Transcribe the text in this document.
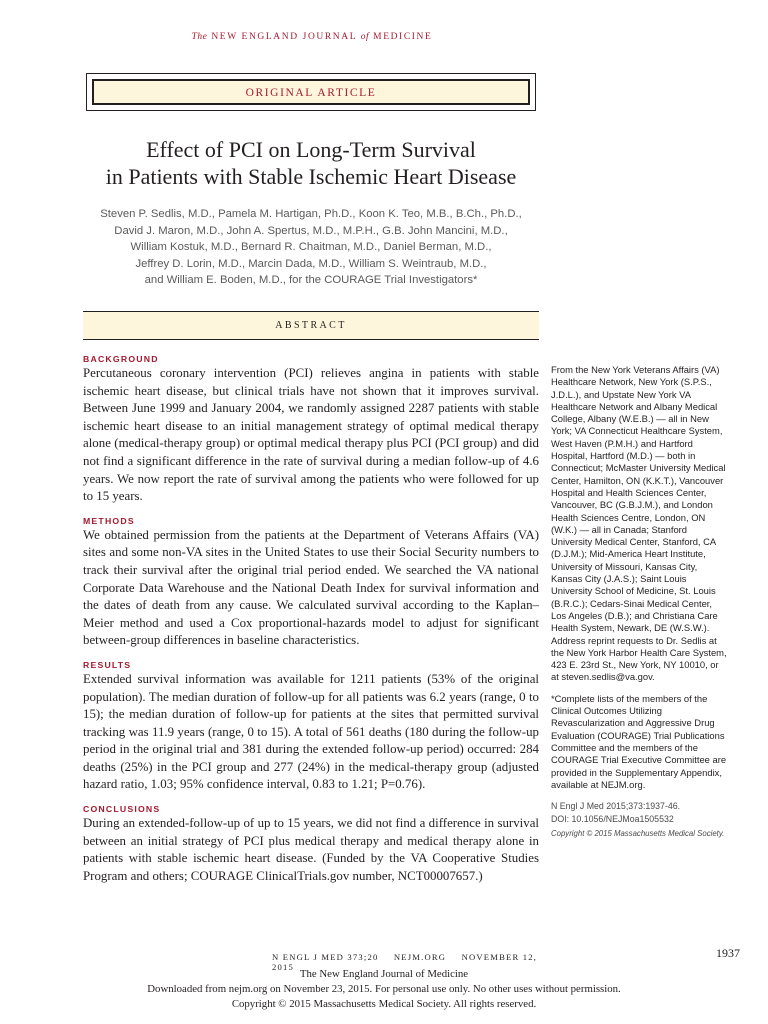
The NEW ENGLAND JOURNAL of MEDICINE
ORIGINAL ARTICLE
Effect of PCI on Long-Term Survival
in Patients with Stable Ischemic Heart Disease
Steven P. Sedlis, M.D., Pamela M. Hartigan, Ph.D., Koon K. Teo, M.B., B.Ch., Ph.D.,
David J. Maron, M.D., John A. Spertus, M.D., M.P.H., G.B. John Mancini, M.D.,
William Kostuk, M.D., Bernard R. Chaitman, M.D., Daniel Berman, M.D.,
Jeffrey D. Lorin, M.D., Marcin Dada, M.D., William S. Weintraub, M.D.,
and William E. Boden, M.D., for the COURAGE Trial Investigators*
ABSTRACT
BACKGROUND

Percutaneous coronary intervention (PCI) relieves angina in patients with stable ischemic heart disease, but clinical trials have not shown that it improves survival. Between June 1999 and January 2004, we randomly assigned 2287 patients with stable ischemic heart disease to an initial management strategy of optimal medical therapy alone (medical-therapy group) or optimal medical therapy plus PCI (PCI group) and did not find a significant difference in the rate of survival during a median follow-up of 4.6 years. We now report the rate of survival among the patients who were followed for up to 15 years.

METHODS

We obtained permission from the patients at the Department of Veterans Affairs (VA) sites and some non-VA sites in the United States to use their Social Security numbers to track their survival after the original trial period ended. We searched the VA national Corporate Data Warehouse and the National Death Index for survival information and the dates of death from any cause. We calculated survival according to the Kaplan–Meier method and used a Cox proportional-hazards model to adjust for significant between-group differences in baseline characteristics.

RESULTS

Extended survival information was available for 1211 patients (53% of the original population). The median duration of follow-up for all patients was 6.2 years (range, 0 to 15); the median duration of follow-up for patients at the sites that permitted survival tracking was 11.9 years (range, 0 to 15). A total of 561 deaths (180 during the follow-up period in the original trial and 381 during the extended follow-up period) occurred: 284 deaths (25%) in the PCI group and 277 (24%) in the medical-therapy group (adjusted hazard ratio, 1.03; 95% confidence interval, 0.83 to 1.21; P=0.76).

CONCLUSIONS

During an extended-follow-up of up to 15 years, we did not find a difference in survival between an initial strategy of PCI plus medical therapy and medical therapy alone in patients with stable ischemic heart disease. (Funded by the VA Cooperative Studies Program and others; COURAGE ClinicalTrials.gov number, NCT00007657.)

From the New York Veterans Affairs (VA) Healthcare Network, New York (S.P.S., J.D.L.), and Upstate New York VA Healthcare Network and Albany Medical College, Albany (W.E.B.) — all in New York; VA Connecticut Healthcare System, West Haven (P.M.H.) and Hartford Hospital, Hartford (M.D.) — both in Connecticut; McMaster University Medical Center, Hamilton, ON (K.K.T.), Vancouver Hospital and Health Sciences Center, Vancouver, BC (G.B.J.M.), and London Health Sciences Centre, London, ON (W.K.) — all in Canada; Stanford University Medical Center, Stanford, CA (D.J.M.); Mid-America Heart Institute, University of Missouri, Kansas City, Kansas City (J.A.S.); Saint Louis University School of Medicine, St. Louis (B.R.C.); Cedars-Sinai Medical Center, Los Angeles (D.B.); and Christiana Care Health System, Newark, DE (W.S.W.). Address reprint requests to Dr. Sedlis at the New York Harbor Health Care System, 423 E. 23rd St., New York, NY 10010, or at steven.sedlis@va.gov.

*Complete lists of the members of the Clinical Outcomes Utilizing Revascularization and Aggressive Drug Evaluation (COURAGE) Trial Publications Committee and the members of the COURAGE Trial Executive Committee are provided in the Supplementary Appendix, available at NEJM.org.

N Engl J Med 2015;373:1937-46.
DOI: 10.1056/NEJMoa1505532
Copyright © 2015 Massachusetts Medical Society.

N ENGL J MED 373;20 NEJM.ORG NOVEMBER 12, 2015
1937
The New England Journal of Medicine
Downloaded from nejm.org on November 23, 2015. For personal use only. No other uses without permission.
Copyright © 2015 Massachusetts Medical Society. All rights reserved.
